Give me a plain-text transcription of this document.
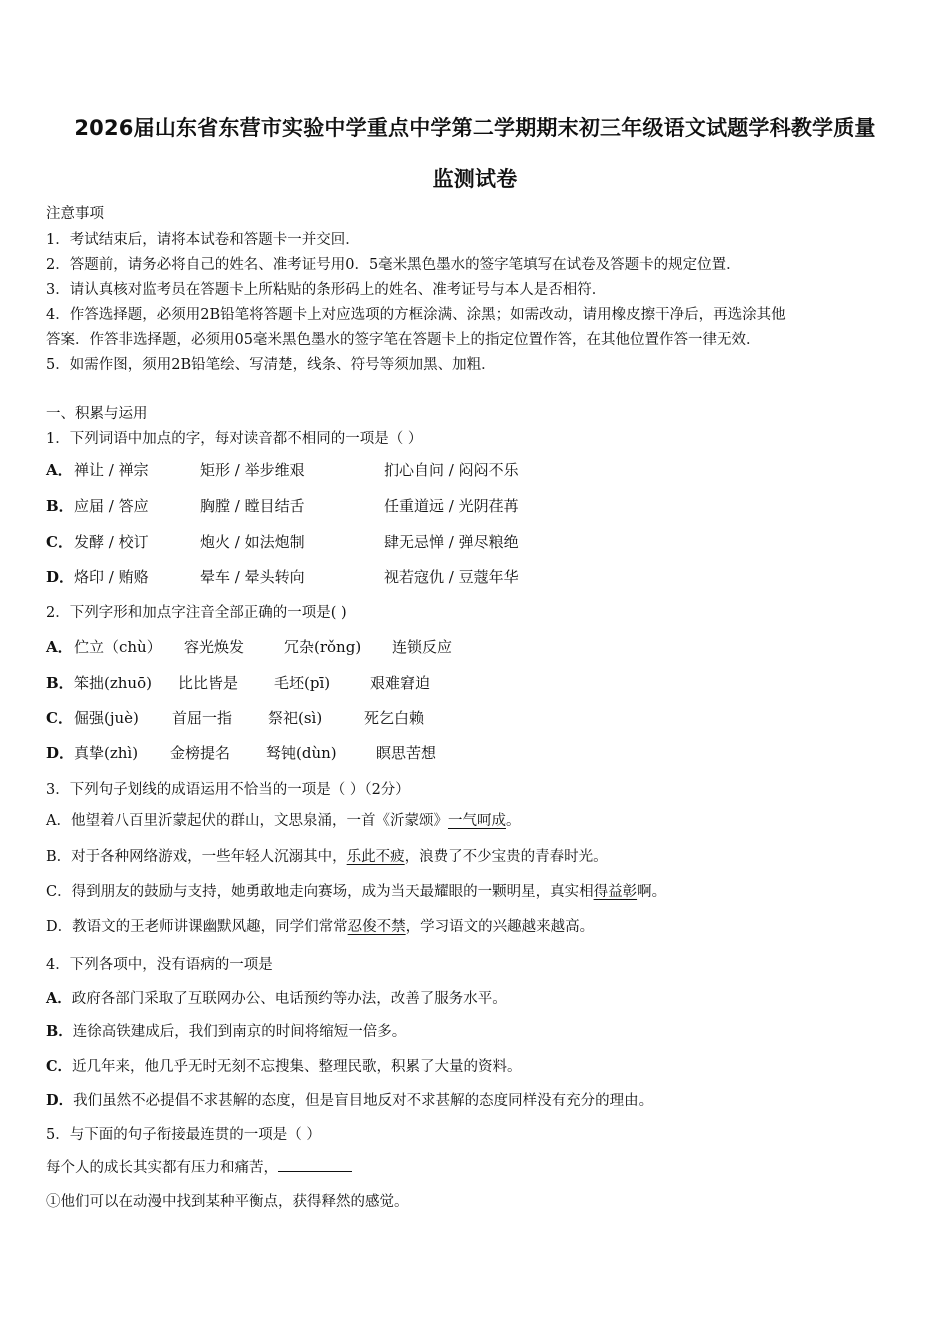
2026届山东省东营市实验中学重点中学第二学期期末初三年级语文试题学科教学质量
监测试卷
注意事项
1．考试结束后，请将本试卷和答题卡一并交回．
2．答题前，请务必将自己的姓名、准考证号用0．5毫米黑色墨水的签字笔填写在试卷及答题卡的规定位置．
3．请认真核对监考员在答题卡上所粘贴的条形码上的姓名、准考证号与本人是否相符．
4．作答选择题，必须用2B铅笔将答题卡上对应选项的方框涂满、涂黑；如需改动，请用橡皮擦干净后，再选涂其他
答案．作答非选择题，必须用05毫米黑色墨水的签字笔在答题卡上的指定位置作答，在其他位置作答一律无效．
5．如需作图，须用2B铅笔绘、写清楚，线条、符号等须加黑、加粗．
一、积累与运用
1．下列词语中加点的字，每对读音都不相同的一项是（ ）
A． 禅让 / 禅宗	矩形 / 举步维艰	扪心自问 / 闷闷不乐
B． 应届 / 答应	胸膛 / 瞠目结舌	任重道远 / 光阴荏苒
C． 发酵 / 校订	炮火 / 如法炮制	肆无忌惮 / 弹尽粮绝
D． 烙印 / 贿赂	晕车 / 晕头转向	视若寇仇 / 豆蔻年华
2．下列字形和加点字注音全部正确的一项是( )
A． 伫立（chù） 容光焕发	冗杂(rǒng) 连锁反应
B． 笨拙(zhuō) 比比皆是 毛坯(pī)	艰难窘迫
C． 倔强(juè) 首屈一指 祭祀(sì)	死乞白赖
D． 真挚(zhì) 金榜提名 驽钝(dùn)	瞑思苦想
3．下列句子划线的成语运用不恰当的一项是（ ）（2分）
A．他望着八百里沂蒙起伏的群山，文思泉涌，一首《沂蒙颂》一气呵成。
B．对于各种网络游戏，一些年轻人沉溺其中，乐此不疲，浪费了不少宝贵的青春时光。
C．得到朋友的鼓励与支持，她勇敢地走向赛场，成为当天最耀眼的一颗明星，真实相得益彰啊。
D．教语文的王老师讲课幽默风趣，同学们常常忍俊不禁，学习语文的兴趣越来越高。
4．下列各项中，没有语病的一项是
A．政府各部门采取了互联网办公、电话预约等办法，改善了服务水平。
B．连徐高铁建成后，我们到南京的时间将缩短一倍多。
C．近几年来，他几乎无时无刻不忘搜集、整理民歌，积累了大量的资料。
D．我们虽然不必提倡不求甚解的态度，但是盲目地反对不求甚解的态度同样没有充分的理由。
5．与下面的句子衔接最连贯的一项是（ ）
每个人的成长其实都有压力和痛苦，
①他们可以在动漫中找到某种平衡点，获得释然的感觉。
